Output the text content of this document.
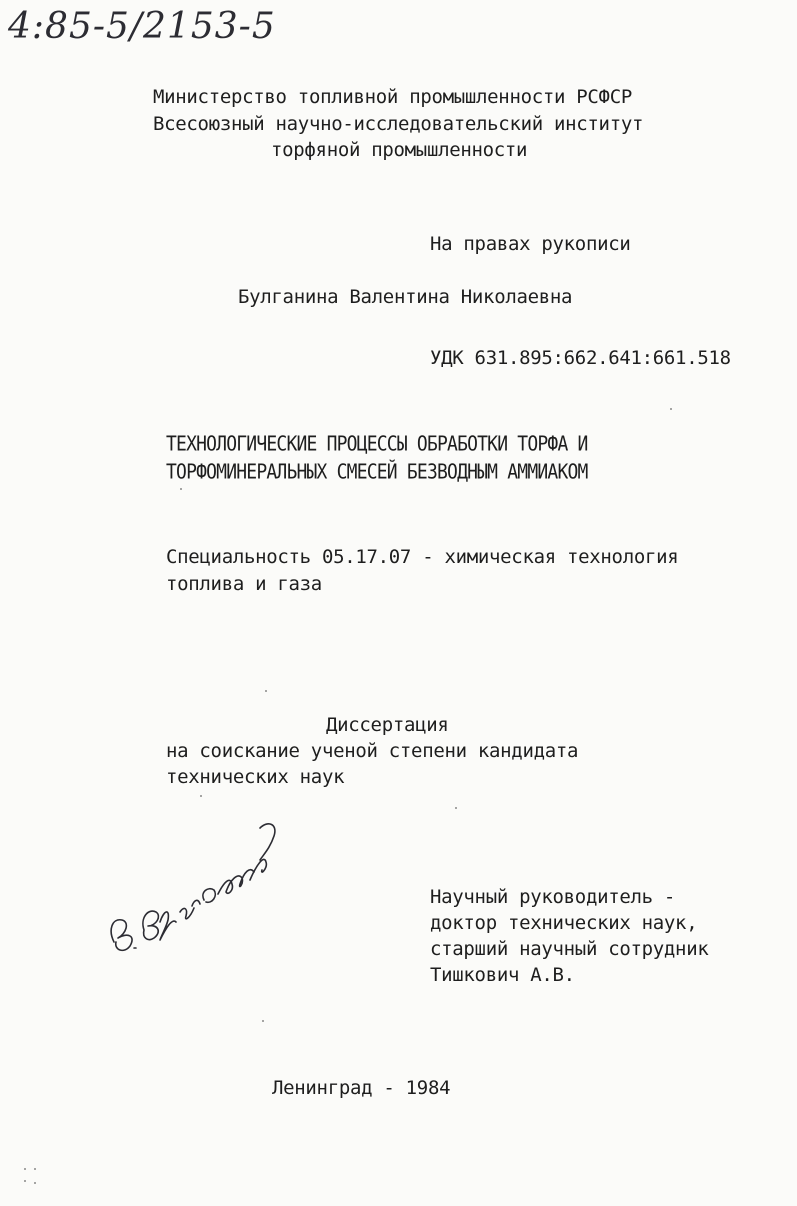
4:85-5/2153-5
Министерство топливной промышленности РСФСР
Всесоюзный научно-исследовательский институт
торфяной промышленности
На правах рукописи
Булганина Валентина Николаевна
УДК 631.895:662.641:661.518
ТЕХНОЛОГИЧЕСКИЕ ПРОЦЕССЫ ОБРАБОТКИ ТОРФА И
ТОРФОМИНЕРАЛЬНЫХ СМЕСЕЙ БЕЗВОДНЫМ АММИАКОМ
Специальность 05.17.07 - химическая технология
топлива и газа
Диссертация
на соискание ученой степени кандидата
технических наук
Научный руководитель -
доктор технических наук,
старший научный сотрудник
Тишкович А.В.
Ленинград - 1984
